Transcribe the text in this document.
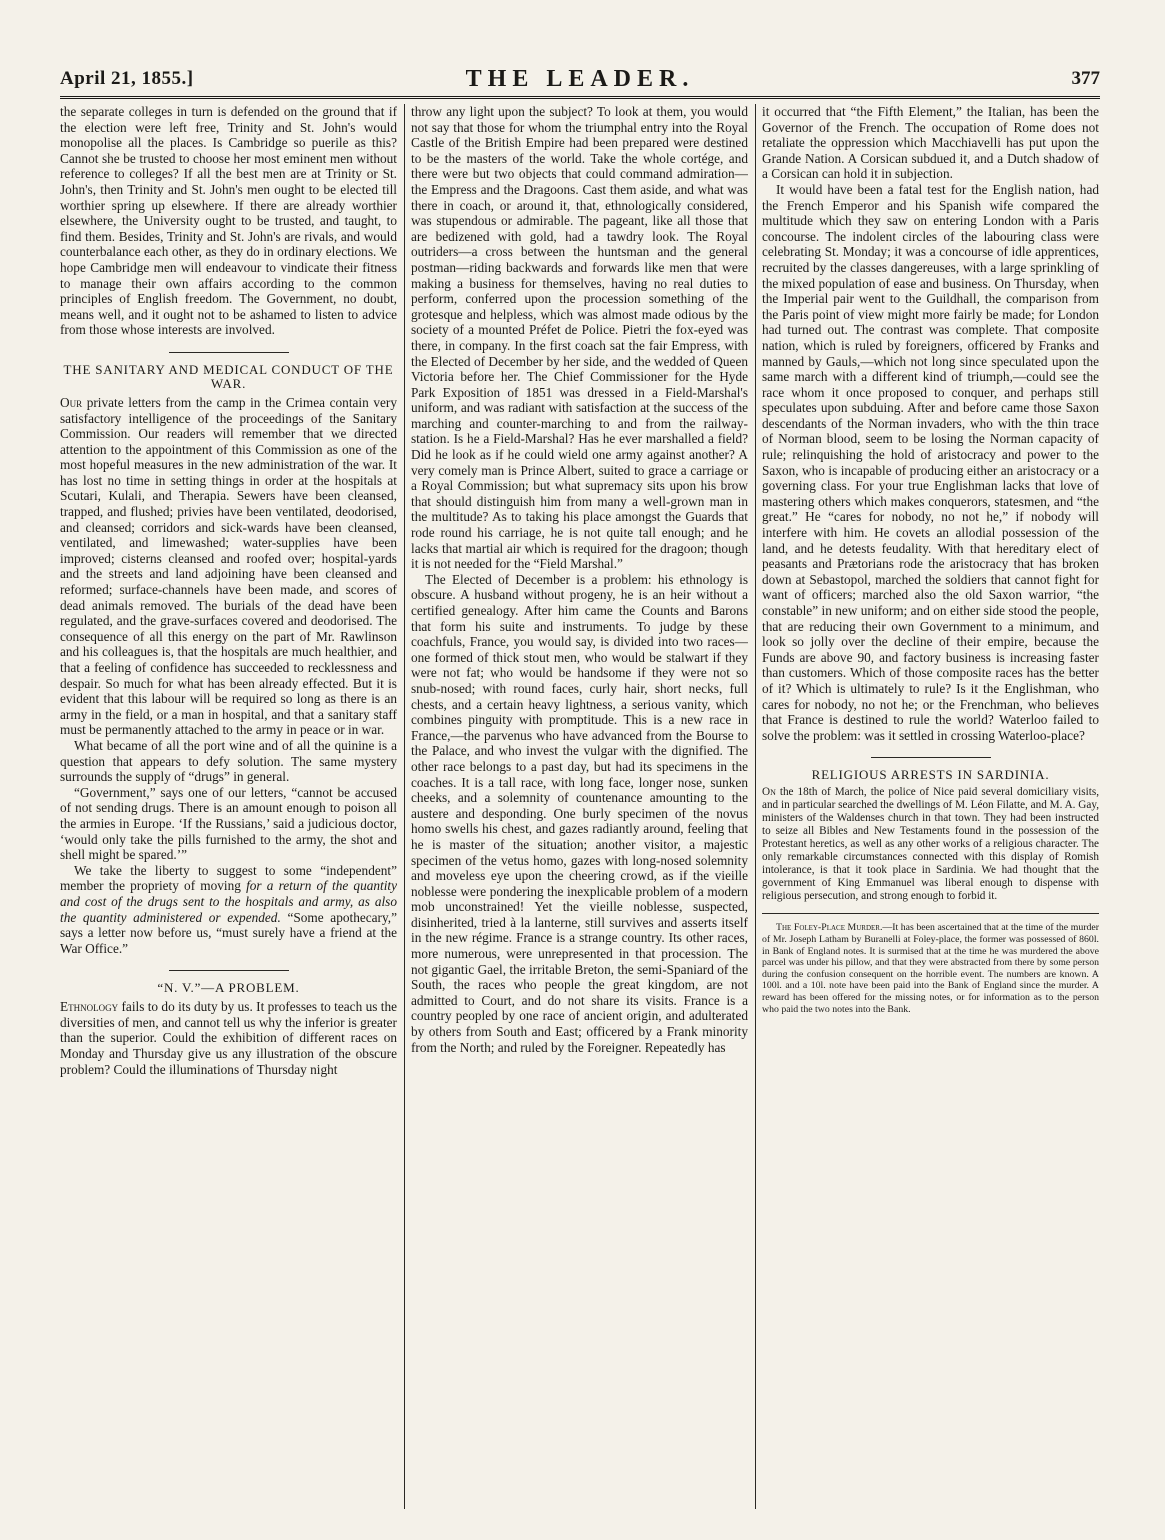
April 21, 1855.]	THE LEADER.	377

the separate colleges in turn is defended on the ground that if the election were left free, Trinity and St. John's would monopolise all the places. Is Cambridge so puerile as this? Cannot she be trusted to choose her most eminent men without reference to colleges? If all the best men are at Trinity or St. John's, then Trinity and St. John's men ought to be elected till worthier spring up elsewhere. If there are already worthier elsewhere, the University ought to be trusted, and taught, to find them. Besides, Trinity and St. John's are rivals, and would counterbalance each other, as they do in ordinary elections. We hope Cambridge men will endeavour to vindicate their fitness to manage their own affairs according to the common principles of English freedom. The Government, no doubt, means well, and it ought not to be ashamed to listen to advice from those whose interests are involved.

THE SANITARY AND MEDICAL CONDUCT OF THE WAR.

Our private letters from the camp in the Crimea contain very satisfactory intelligence of the proceedings of the Sanitary Commission. Our readers will remember that we directed attention to the appointment of this Commission as one of the most hopeful measures in the new administration of the war. It has lost no time in setting things in order at the hospitals at Scutari, Kulali, and Therapia. Sewers have been cleansed, trapped, and flushed; privies have been ventilated, deodorised, and cleansed; corridors and sick-wards have been cleansed, ventilated, and limewashed; water-supplies have been improved; cisterns cleansed and roofed over; hospital-yards and the streets and land adjoining have been cleansed and reformed; surface-channels have been made, and scores of dead animals removed. The burials of the dead have been regulated, and the grave-surfaces covered and deodorised. The consequence of all this energy on the part of Mr. Rawlinson and his colleagues is, that the hospitals are much healthier, and that a feeling of confidence has succeeded to recklessness and despair. So much for what has been already effected. But it is evident that this labour will be required so long as there is an army in the field, or a man in hospital, and that a sanitary staff must be permanently attached to the army in peace or in war.

What became of all the port wine and of all the quinine is a question that appears to defy solution. The same mystery surrounds the supply of “drugs” in general.

“Government,” says one of our letters, “cannot be accused of not sending drugs. There is an amount enough to poison all the armies in Europe. ‘If the Russians,’ said a judicious doctor, ‘would only take the pills furnished to the army, the shot and shell might be spared.’”

We take the liberty to suggest to some “independent” member the propriety of moving for a return of the quantity and cost of the drugs sent to the hospitals and army, as also the quantity administered or expended. “Some apothecary,” says a letter now before us, “must surely have a friend at the War Office.”

“N. V.”—A PROBLEM.

Ethnology fails to do its duty by us. It professes to teach us the diversities of men, and cannot tell us why the inferior is greater than the superior. Could the exhibition of different races on Monday and Thursday give us any illustration of the obscure problem? Could the illuminations of Thursday night

throw any light upon the subject? To look at them, you would not say that those for whom the triumphal entry into the Royal Castle of the British Empire had been prepared were destined to be the masters of the world. Take the whole cortége, and there were but two objects that could command admiration—the Empress and the Dragoons. Cast them aside, and what was there in coach, or around it, that, ethnologically considered, was stupendous or admirable. The pageant, like all those that are bedizened with gold, had a tawdry look. The Royal outriders—a cross between the huntsman and the general postman—riding backwards and forwards like men that were making a business for themselves, having no real duties to perform, conferred upon the procession something of the grotesque and helpless, which was almost made odious by the society of a mounted Préfet de Police. Pietri the fox-eyed was there, in company. In the first coach sat the fair Empress, with the Elected of December by her side, and the wedded of Queen Victoria before her. The Chief Commissioner for the Hyde Park Exposition of 1851 was dressed in a Field-Marshal's uniform, and was radiant with satisfaction at the success of the marching and counter-marching to and from the railway-station. Is he a Field-Marshal? Has he ever marshalled a field? Did he look as if he could wield one army against another? A very comely man is Prince Albert, suited to grace a carriage or a Royal Commission; but what supremacy sits upon his brow that should distinguish him from many a well-grown man in the multitude? As to taking his place amongst the Guards that rode round his carriage, he is not quite tall enough; and he lacks that martial air which is required for the dragoon; though it is not needed for the “Field Marshal.”

The Elected of December is a problem: his ethnology is obscure. A husband without progeny, he is an heir without a certified genealogy. After him came the Counts and Barons that form his suite and instruments. To judge by these coachfuls, France, you would say, is divided into two races—one formed of thick stout men, who would be stalwart if they were not fat; who would be handsome if they were not so snub-nosed; with round faces, curly hair, short necks, full chests, and a certain heavy lightness, a serious vanity, which combines pinguity with promptitude. This is a new race in France,—the parvenus who have advanced from the Bourse to the Palace, and who invest the vulgar with the dignified. The other race belongs to a past day, but had its specimens in the coaches. It is a tall race, with long face, longer nose, sunken cheeks, and a solemnity of countenance amounting to the austere and desponding. One burly specimen of the novus homo swells his chest, and gazes radiantly around, feeling that he is master of the situation; another visitor, a majestic specimen of the vetus homo, gazes with long-nosed solemnity and moveless eye upon the cheering crowd, as if the vieille noblesse were pondering the inexplicable problem of a modern mob unconstrained! Yet the vieille noblesse, suspected, disinherited, tried à la lanterne, still survives and asserts itself in the new régime. France is a strange country. Its other races, more numerous, were unrepresented in that procession. The not gigantic Gael, the irritable Breton, the semi-Spaniard of the South, the races who people the great kingdom, are not admitted to Court, and do not share its visits. France is a country peopled by one race of ancient origin, and adulterated by others from South and East; officered by a Frank minority from the North; and ruled by the Foreigner. Repeatedly has

it occurred that “the Fifth Element,” the Italian, has been the Governor of the French. The occupation of Rome does not retaliate the oppression which Macchiavelli has put upon the Grande Nation. A Corsican subdued it, and a Dutch shadow of a Corsican can hold it in subjection.

It would have been a fatal test for the English nation, had the French Emperor and his Spanish wife compared the multitude which they saw on entering London with a Paris concourse. The indolent circles of the labouring class were celebrating St. Monday; it was a concourse of idle apprentices, recruited by the classes dangereuses, with a large sprinkling of the mixed population of ease and business. On Thursday, when the Imperial pair went to the Guildhall, the comparison from the Paris point of view might more fairly be made; for London had turned out. The contrast was complete. That composite nation, which is ruled by foreigners, officered by Franks and manned by Gauls,—which not long since speculated upon the same march with a different kind of triumph,—could see the race whom it once proposed to conquer, and perhaps still speculates upon subduing. After and before came those Saxon descendants of the Norman invaders, who with the thin trace of Norman blood, seem to be losing the Norman capacity of rule; relinquishing the hold of aristocracy and power to the Saxon, who is incapable of producing either an aristocracy or a governing class. For your true Englishman lacks that love of mastering others which makes conquerors, statesmen, and “the great.” He “cares for nobody, no not he,” if nobody will interfere with him. He covets an allodial possession of the land, and he detests feudality. With that hereditary elect of peasants and Prætorians rode the aristocracy that has broken down at Sebastopol, marched the soldiers that cannot fight for want of officers; marched also the old Saxon warrior, “the constable” in new uniform; and on either side stood the people, that are reducing their own Government to a minimum, and look so jolly over the decline of their empire, because the Funds are above 90, and factory business is increasing faster than customers. Which of those composite races has the better of it? Which is ultimately to rule? Is it the Englishman, who cares for nobody, no not he; or the Frenchman, who believes that France is destined to rule the world? Waterloo failed to solve the problem: was it settled in crossing Waterloo-place?

RELIGIOUS ARRESTS IN SARDINIA.

On the 18th of March, the police of Nice paid several domiciliary visits, and in particular searched the dwellings of M. Léon Filatte, and M. A. Gay, ministers of the Waldenses church in that town. They had been instructed to seize all Bibles and New Testaments found in the possession of the Protestant heretics, as well as any other works of a religious character. The only remarkable circumstances connected with this display of Romish intolerance, is that it took place in Sardinia. We had thought that the government of King Emmanuel was liberal enough to dispense with religious persecution, and strong enough to forbid it.

The Foley-Place Murder.—It has been ascertained that at the time of the murder of Mr. Joseph Latham by Buranelli at Foley-place, the former was possessed of 860l. in Bank of England notes. It is surmised that at the time he was murdered the above parcel was under his pillow, and that they were abstracted from there by some person during the confusion consequent on the horrible event. The numbers are known. A 100l. and a 10l. note have been paid into the Bank of England since the murder. A reward has been offered for the missing notes, or for information as to the person who paid the two notes into the Bank.
